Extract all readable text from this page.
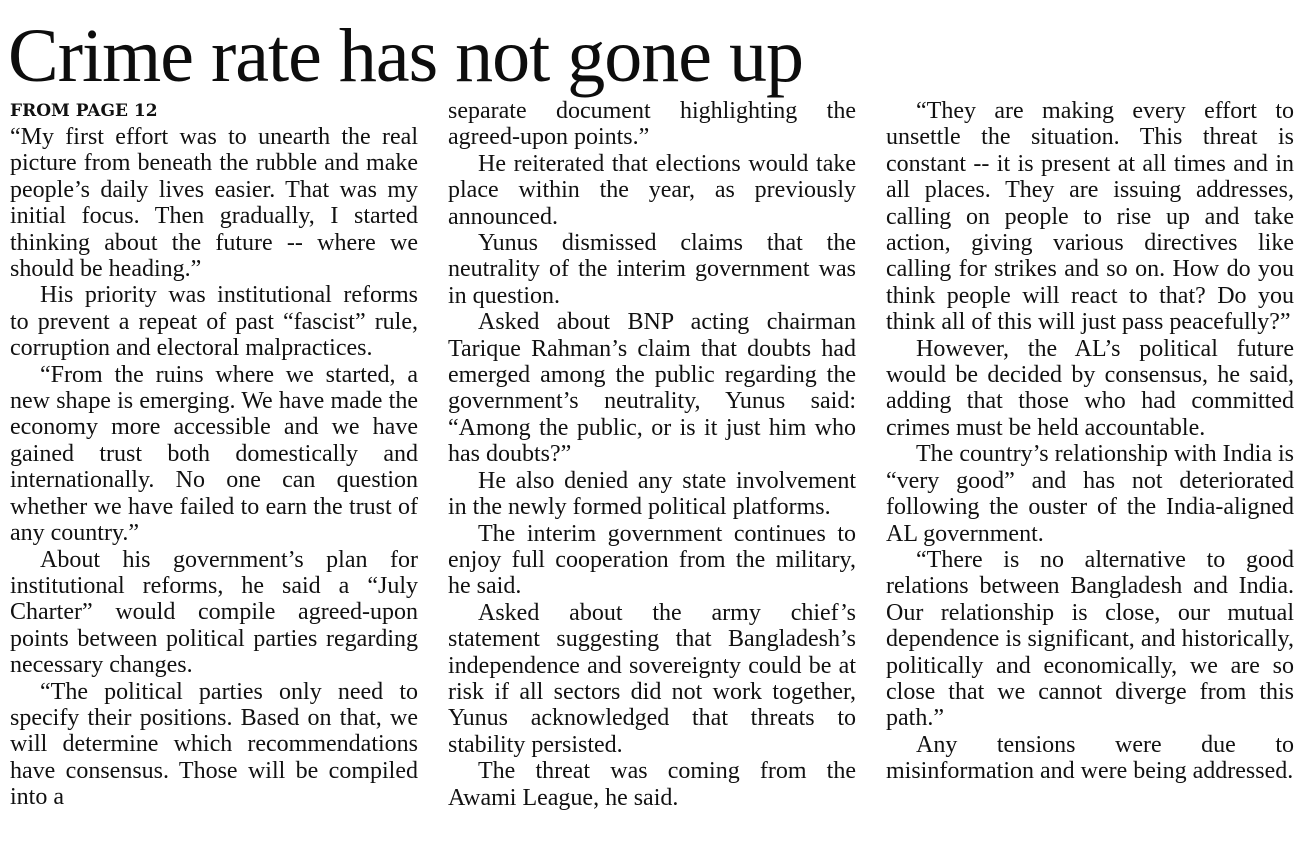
Crime rate has not gone up
FROM PAGE 12

“My first effort was to unearth the real picture from beneath the rubble and make people’s daily lives easier. That was my initial focus. Then gradually, I started thinking about the future -- where we should be heading.”

His priority was institutional reforms to prevent a repeat of past “fascist” rule, corruption and electoral malpractices.

“From the ruins where we started, a new shape is emerging. We have made the economy more accessible and we have gained trust both domestically and internationally. No one can question whether we have failed to earn the trust of any country.”

About his government’s plan for institutional reforms, he said a “July Charter” would compile agreed-upon points between political parties regarding necessary changes.

“The political parties only need to specify their positions. Based on that, we will determine which recommendations have consensus. Those will be compiled into a

separate document highlighting the agreed-upon points.”

He reiterated that elections would take place within the year, as previously announced.

Yunus dismissed claims that the neutrality of the interim government was in question.

Asked about BNP acting chairman Tarique Rahman’s claim that doubts had emerged among the public regarding the government’s neutrality, Yunus said: “Among the public, or is it just him who has doubts?”

He also denied any state involvement in the newly formed political platforms.

The interim government continues to enjoy full cooperation from the military, he said.

Asked about the army chief’s statement suggesting that Bangladesh’s independence and sovereignty could be at risk if all sectors did not work together, Yunus acknowledged that threats to stability persisted.

The threat was coming from the Awami League, he said.

“They are making every effort to unsettle the situation. This threat is constant -- it is present at all times and in all places. They are issuing addresses, calling on people to rise up and take action, giving various directives like calling for strikes and so on. How do you think people will react to that? Do you think all of this will just pass peacefully?”

However, the AL’s political future would be decided by consensus, he said, adding that those who had committed crimes must be held accountable.

The country’s relationship with India is “very good” and has not deteriorated following the ouster of the India-aligned AL government.

“There is no alternative to good relations between Bangladesh and India. Our relationship is close, our mutual dependence is significant, and historically, politically and economically, we are so close that we cannot diverge from this path.”

Any tensions were due to misinformation and were being addressed.
